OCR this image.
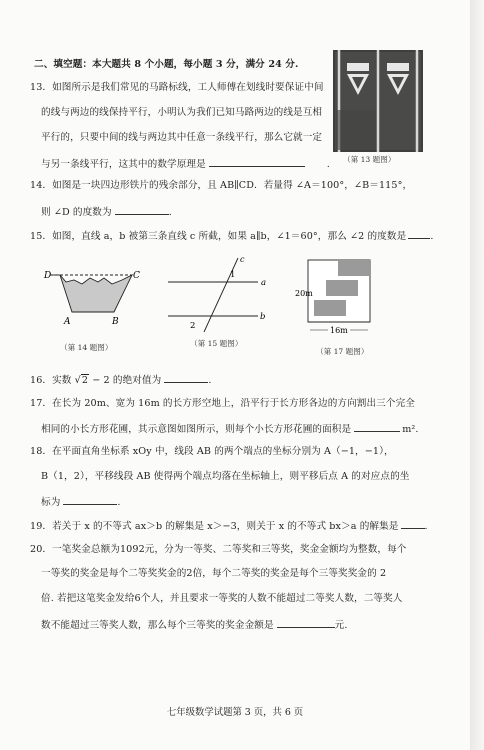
二、填空题：本大题共 8 个小题，每小题 3 分，满分 24 分.
13．如图所示是我们常见的马路标线，工人师傅在划线时要保证中间
的线与两边的线保持平行，小明认为我们已知马路两边的线是互相
平行的，只要中间的线与两边其中任意一条线平行，那么它就一定
与另一条线平行，这其中的数学原理是	. （第 13 题图）
14．如图是一块四边形铁片的残余部分，且 AB∥CD．若量得 ∠A＝100°，∠B＝115°，
则 ∠D 的度数为	.
15．如图，直线 a，b 被第三条直线 c 所截，如果 a∥b，∠1＝60°，那么 ∠2 的度数是	.
D	C
A	B
（第 14 题图）
c
a
b
1
2
（第 15 题图）
20m
16m
（第 17 题图）
16．实数 √2 − 2 的绝对值为	.
17．在长为 20m、宽为 16m 的长方形空地上，沿平行于长方形各边的方向割出三个完全
相同的小长方形花圃，其示意图如图所示，则每个小长方形花圃的面积是	m².
18．在平面直角坐标系 xOy 中，线段 AB 的两个端点的坐标分别为 A（−1，−1），
B（1，2），平移线段 AB 使得两个端点均落在坐标轴上，则平移后点 A 的对应点的坐
标为	.
19．若关于 x 的不等式 ax＞b 的解集是 x＞−3，则关于 x 的不等式 bx＞a 的解集是	.
20．一笔奖金总额为1092元，分为一等奖、二等奖和三等奖，奖金金额均为整数，每个
一等奖的奖金是每个二等奖奖金的2倍，每个二等奖的奖金是每个三等奖奖金的 2
倍. 若把这笔奖金发给6个人，并且要求一等奖的人数不能超过二等奖人数，二等奖人
数不能超过三等奖人数，那么每个三等奖的奖金金额是	元.
七年级数学试题第 3 页，共 6 页
